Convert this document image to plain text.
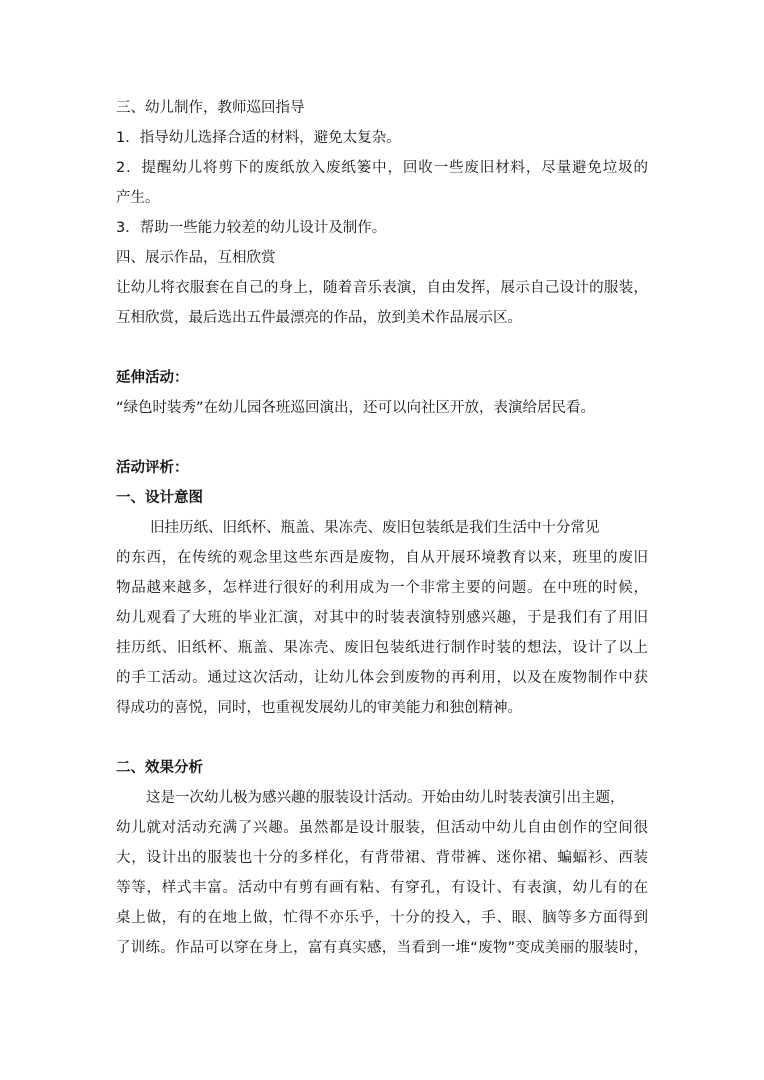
三、幼儿制作，教师巡回指导
1．指导幼儿选择合适的材料，避免太复杂。
2．提醒幼儿将剪下的废纸放入废纸篓中，回收一些废旧材料，尽量避免垃圾的
产生。
3．帮助一些能力较差的幼儿设计及制作。
四、展示作品，互相欣赏
让幼儿将衣服套在自己的身上，随着音乐表演，自由发挥，展示自己设计的服装，
互相欣赏，最后选出五件最漂亮的作品，放到美术作品展示区。
延伸活动：
“绿色时装秀”在幼儿园各班巡回演出，还可以向社区开放，表演给居民看。
活动评析：
一、设计意图
旧挂历纸、旧纸杯、瓶盖、果冻壳、废旧包装纸是我们生活中十分常见
的东西，在传统的观念里这些东西是废物，自从开展环境教育以来，班里的废旧
物品越来越多，怎样进行很好的利用成为一个非常主要的问题。在中班的时候，
幼儿观看了大班的毕业汇演，对其中的时装表演特别感兴趣，于是我们有了用旧
挂历纸、旧纸杯、瓶盖、果冻壳、废旧包装纸进行制作时装的想法，设计了以上
的手工活动。通过这次活动，让幼儿体会到废物的再利用，以及在废物制作中获
得成功的喜悦，同时，也重视发展幼儿的审美能力和独创精神。
二、效果分析
这是一次幼儿极为感兴趣的服装设计活动。开始由幼儿时装表演引出主题，
幼儿就对活动充满了兴趣。虽然都是设计服装，但活动中幼儿自由创作的空间很
大，设计出的服装也十分的多样化，有背带裙、背带裤、迷你裙、蝙蝠衫、西装
等等，样式丰富。活动中有剪有画有粘、有穿孔，有设计、有表演，幼儿有的在
桌上做，有的在地上做，忙得不亦乐乎，十分的投入，手、眼、脑等多方面得到
了训练。作品可以穿在身上，富有真实感，当看到一堆“废物”变成美丽的服装时，
